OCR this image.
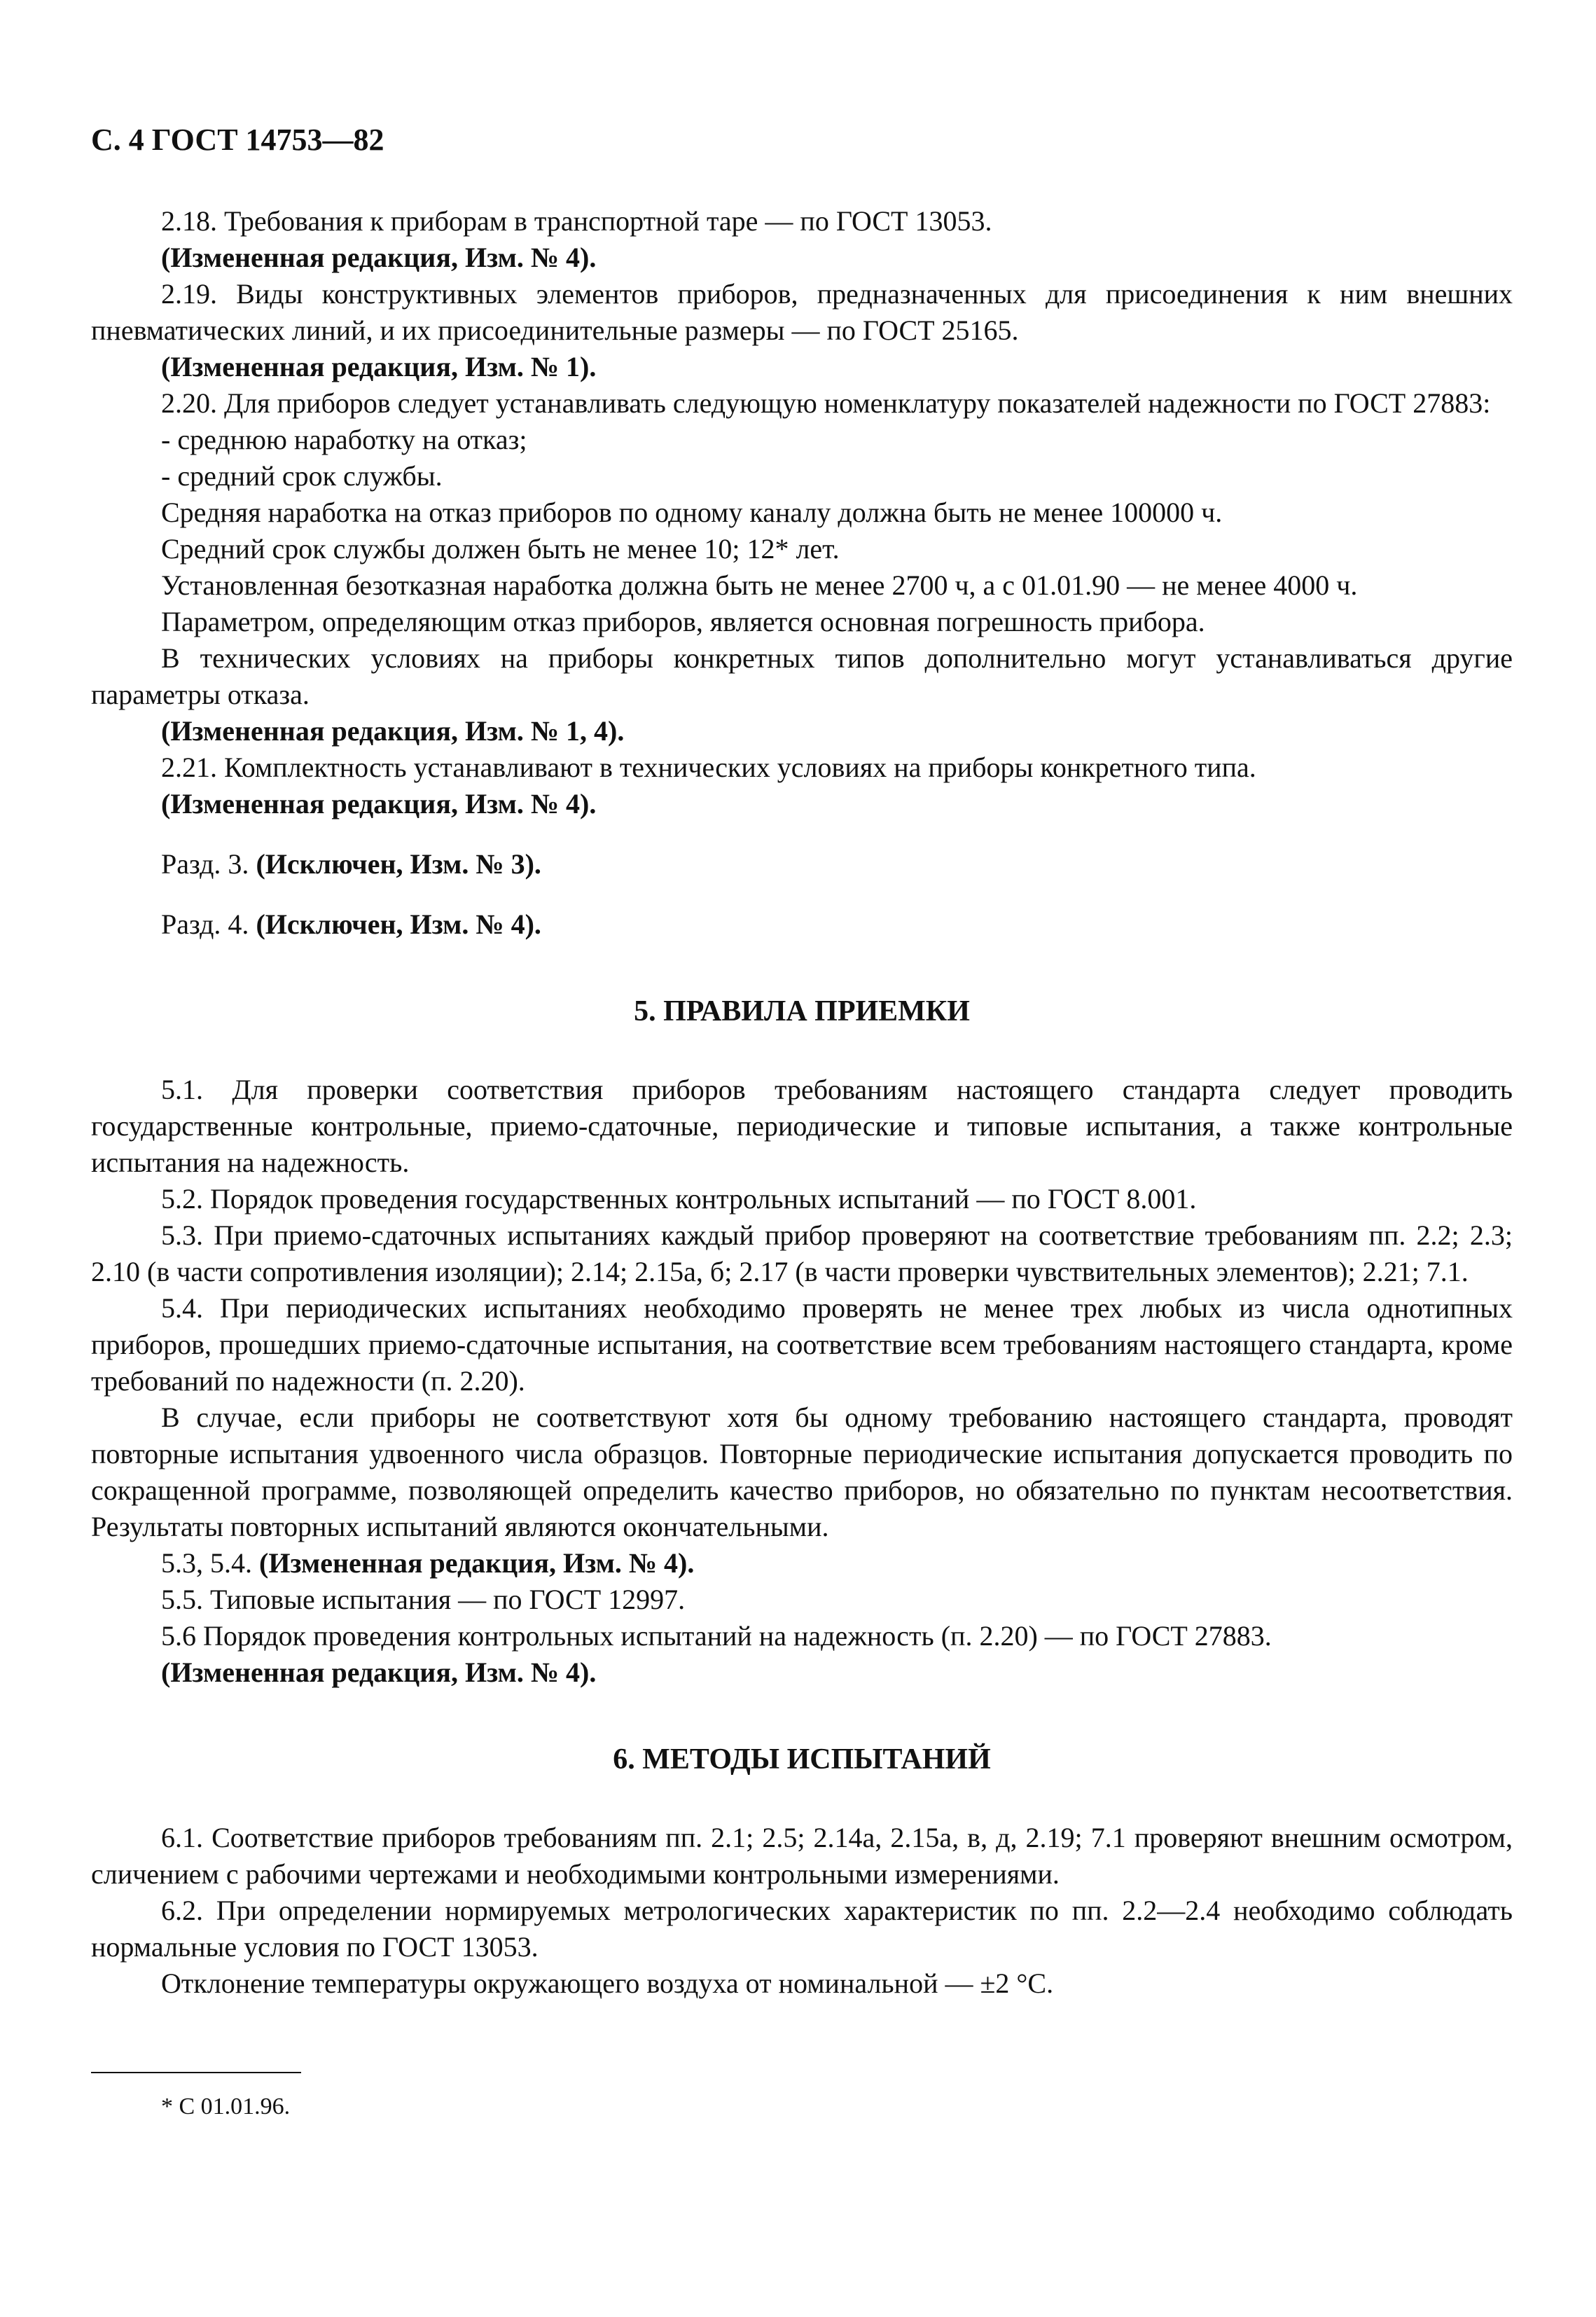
С. 4 ГОСТ 14753—82
2.18. Требования к приборам в транспортной таре — по ГОСТ 13053.
(Измененная редакция, Изм. № 4).
2.19. Виды конструктивных элементов приборов, предназначенных для присоединения к ним внешних пневматических линий, и их присоединительные размеры — по ГОСТ 25165.
(Измененная редакция, Изм. № 1).
2.20. Для приборов следует устанавливать следующую номенклатуру показателей надежности по ГОСТ 27883:
- среднюю наработку на отказ;
- средний срок службы.
Средняя наработка на отказ приборов по одному каналу должна быть не менее 100000 ч.
Средний срок службы должен быть не менее 10; 12* лет.
Установленная безотказная наработка должна быть не менее 2700 ч, а с 01.01.90 — не менее 4000 ч.
Параметром, определяющим отказ приборов, является основная погрешность прибора.
В технических условиях на приборы конкретных типов дополнительно могут устанавливаться другие параметры отказа.
(Измененная редакция, Изм. № 1, 4).
2.21. Комплектность устанавливают в технических условиях на приборы конкретного типа.
(Измененная редакция, Изм. № 4).
Разд. 3. (Исключен, Изм. № 3).
Разд. 4. (Исключен, Изм. № 4).
5. ПРАВИЛА ПРИЕМКИ
5.1. Для проверки соответствия приборов требованиям настоящего стандарта следует проводить государственные контрольные, приемо-сдаточные, периодические и типовые испытания, а также контрольные испытания на надежность.
5.2. Порядок проведения государственных контрольных испытаний — по ГОСТ 8.001.
5.3. При приемо-сдаточных испытаниях каждый прибор проверяют на соответствие требованиям пп. 2.2; 2.3; 2.10 (в части сопротивления изоляции); 2.14; 2.15а, б; 2.17 (в части проверки чувствительных элементов); 2.21; 7.1.
5.4. При периодических испытаниях необходимо проверять не менее трех любых из числа однотипных приборов, прошедших приемо-сдаточные испытания, на соответствие всем требованиям настоящего стандарта, кроме требований по надежности (п. 2.20).
В случае, если приборы не соответствуют хотя бы одному требованию настоящего стандарта, проводят повторные испытания удвоенного числа образцов. Повторные периодические испытания допускается проводить по сокращенной программе, позволяющей определить качество приборов, но обязательно по пунктам несоответствия. Результаты повторных испытаний являются окончательными.
5.3, 5.4. (Измененная редакция, Изм. № 4).
5.5. Типовые испытания — по ГОСТ 12997.
5.6 Порядок проведения контрольных испытаний на надежность (п. 2.20) — по ГОСТ 27883.
(Измененная редакция, Изм. № 4).
6. МЕТОДЫ ИСПЫТАНИЙ
6.1. Соответствие приборов требованиям пп. 2.1; 2.5; 2.14а, 2.15а, в, д, 2.19; 7.1 проверяют внешним осмотром, сличением с рабочими чертежами и необходимыми контрольными измерениями.
6.2. При определении нормируемых метрологических характеристик по пп. 2.2—2.4 необходимо соблюдать нормальные условия по ГОСТ 13053.
Отклонение температуры окружающего воздуха от номинальной — ±2 °С.
* С 01.01.96.
